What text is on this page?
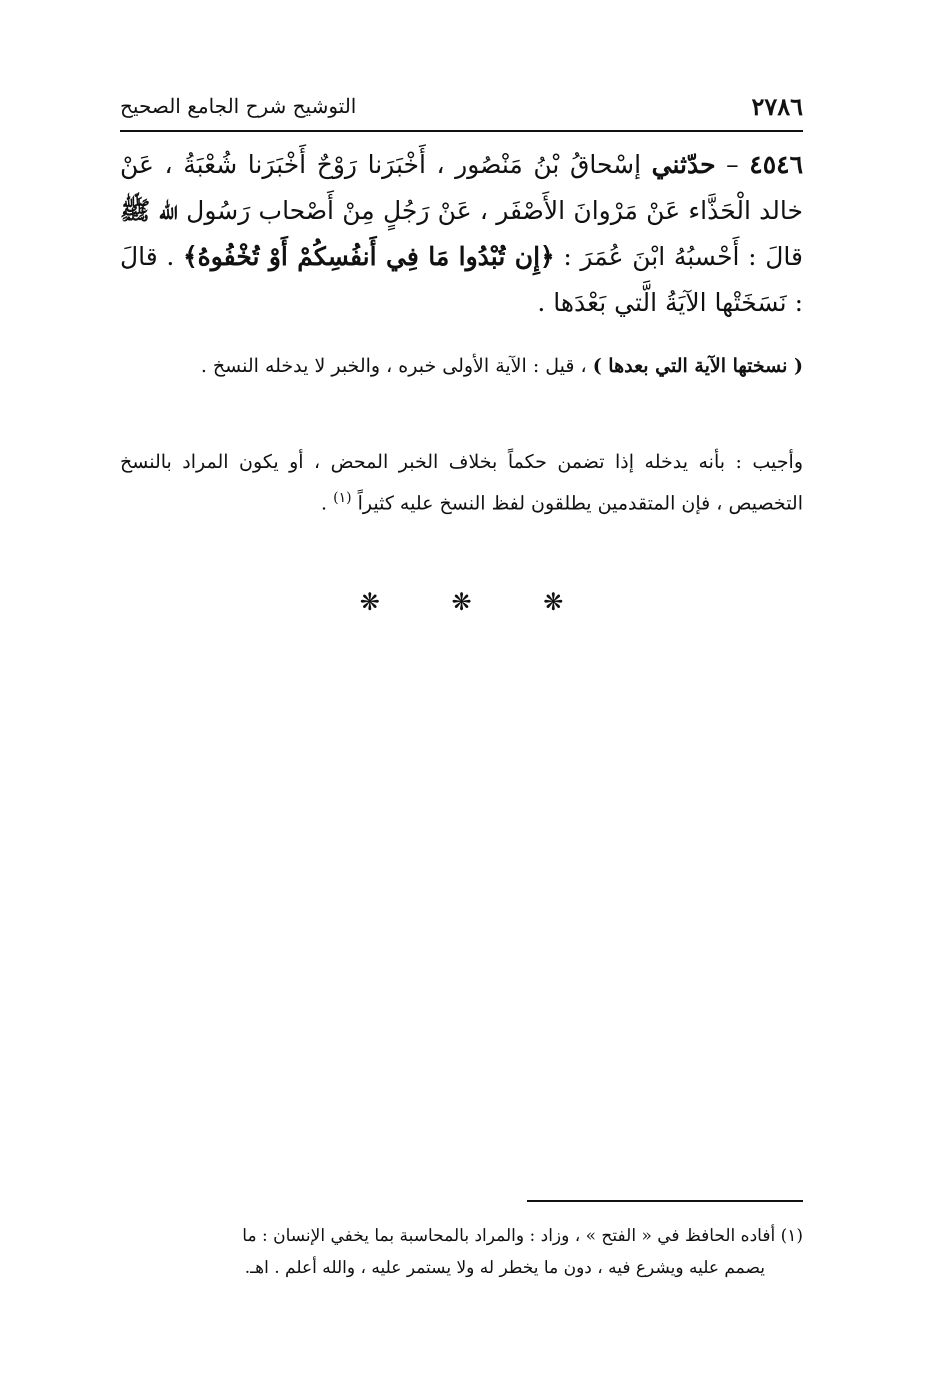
٢٧٨٦
التوشيح شرح الجامع الصحيح
٤٥٤٦ – حدّثني إسْحاقُ بْنُ مَنْصُور ، أَخْبَرَنا رَوْحٌ أَخْبَرَنا شُعْبَةُ ، عَنْ خالد الْحَذَّاء عَنْ مَرْوانَ الأَصْفَر ، عَنْ رَجُلٍ مِنْ أَصْحاب رَسُول الله ﷺ قالَ : أَحْسبُهُ ابْنَ عُمَرَ : ﴿إِن تُبْدُوا مَا فِي أَنفُسِكُمْ أَوْ تُخْفُوهُ﴾ . قالَ : نَسَخَتْها الآيَةُ الَّتي بَعْدَها .
( نسختها الآية التي بعدها ) ، قيل : الآية الأولى خبره ، والخبر لا يدخله النسخ .
وأجيب : بأنه يدخله إذا تضمن حكماً بخلاف الخبر المحض ، أو يكون المراد بالنسخ التخصيص ، فإن المتقدمين يطلقون لفظ النسخ عليه كثيراً $^{(١)}$ .
❋	❋	❋
(١) أفاده الحافظ في « الفتح » ، وزاد : والمراد بالمحاسبة بما يخفي الإنسان : ما
يصمم عليه ويشرع فيه ، دون ما يخطر له ولا يستمر عليه ، والله أعلم . اهـ.
